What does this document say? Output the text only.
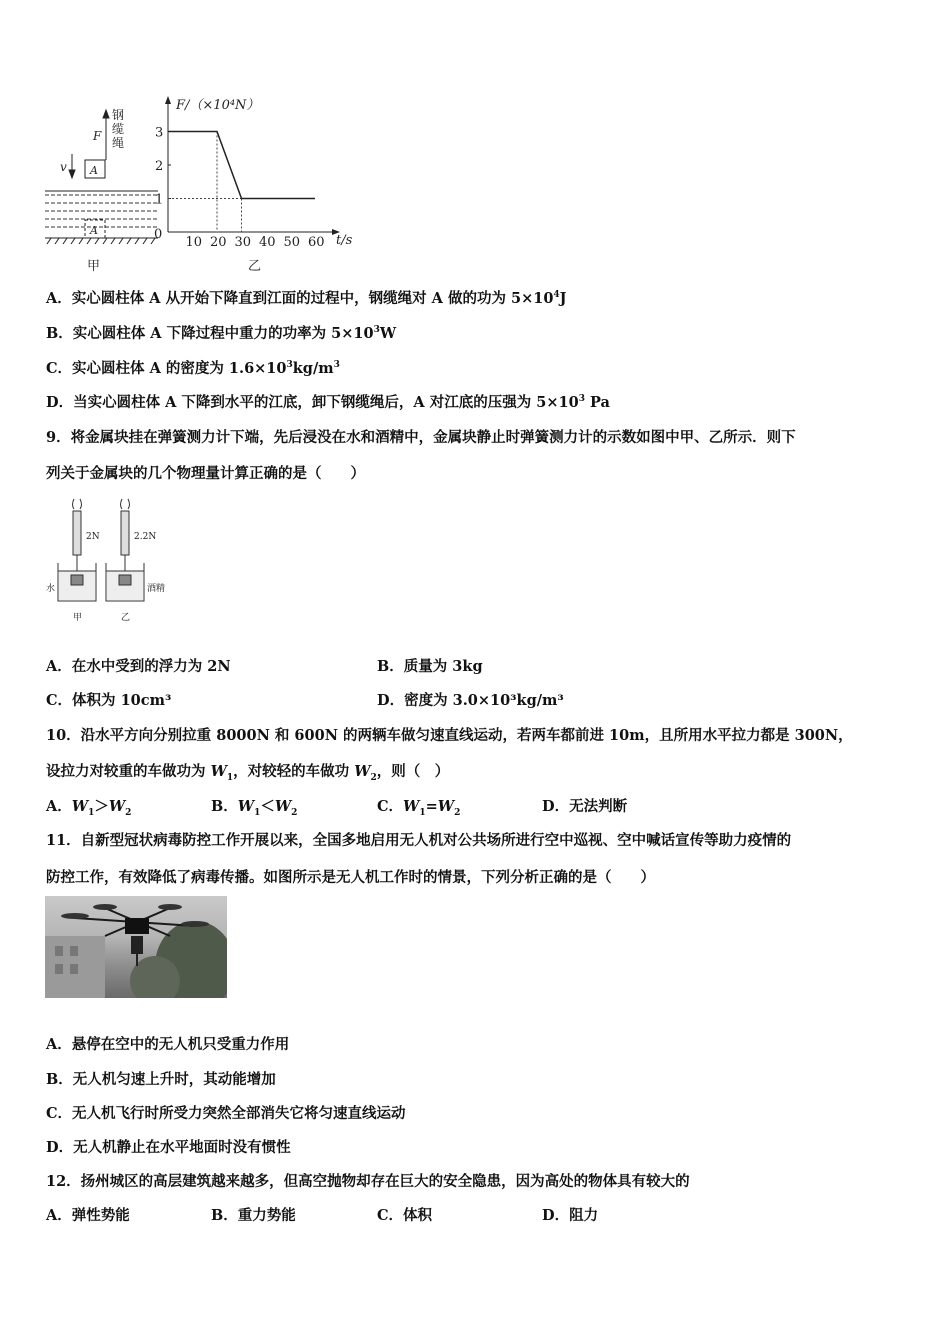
钢
缆
绳
F
v A
A
甲	乙
F/（×10⁴N）
0	t/s
10 20 30 40 50 60
1
2
3
A．实心圆柱体 A 从开始下降直到江面的过程中，钢缆绳对 A 做的功为 $5\times 10^4J$
B．实心圆柱体 A 下降过程中重力的功率为 $5\times 10^3W$
C．实心圆柱体 A 的密度为 $1.6\times 10^3kg/m^3$
D．当实心圆柱体 A 下降到水平的江底，卸下钢缆绳后，A 对江底的压强为 $5\times 10^3$ Pa
9．将金属块挂在弹簧测力计下端，先后浸没在水和酒精中，金属块静止时弹簧测力计的示数如图中甲、乙所示．则下
列关于金属块的几个物理量计算正确的是（　　）
2N	2.2N
水	酒精
甲	乙
A．在水中受到的浮力为 2N	B．质量为 3kg
C．体积为 10cm³	D．密度为 3.0×10³kg/m³
10．沿水平方向分别拉重 8000N 和 600N 的两辆车做匀速直线运动，若两车都前进 10m，且所用水平拉力都是 300N，
设拉力对较重的车做功为 $W_1$，对较轻的车做功 $W_2$，则（　）
A．$W_1>W_2$	B．$W_1<W_2$	C．$W_1=W_2$	D．无法判断
11．自新型冠状病毒防控工作开展以来，全国多地启用无人机对公共场所进行空中巡视、空中喊话宣传等助力疫情的
防控工作，有效降低了病毒传播。如图所示是无人机工作时的情景，下列分析正确的是（　　）
A．悬停在空中的无人机只受重力作用
B．无人机匀速上升时，其动能增加
C．无人机飞行时所受力突然全部消失它将匀速直线运动
D．无人机静止在水平地面时没有惯性
12．扬州城区的高层建筑越来越多，但高空抛物却存在巨大的安全隐患，因为高处的物体具有较大的
A．弹性势能	B．重力势能	C．体积	D．阻力
